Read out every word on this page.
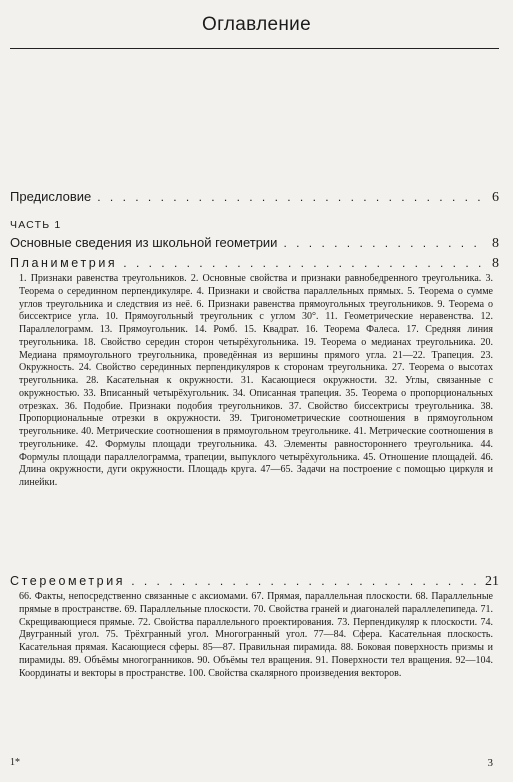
Оглавление
Предисловие . . .	6
ЧАСТЬ 1
Основные сведения из школьной геометрии . . .	8
Планиметрия . . .	8
1. Признаки равенства треугольников. 2. Основные свойства и признаки равнобедренного треугольника. 3. Теорема о серединном перпендикуляре. 4. Признаки и свойства параллельных прямых. 5. Теорема о сумме углов треугольника и следствия из неё. 6. Признаки равенства прямоугольных треугольников. 9. Теорема о биссектрисе угла. 10. Прямоугольный треугольник с углом 30°. 11. Геометрические неравенства. 12. Параллелограмм. 13. Прямоугольник. 14. Ромб. 15. Квадрат. 16. Теорема Фалеса. 17. Средняя линия треугольника. 18. Свойство середин сторон четырёхугольника. 19. Теорема о медианах треугольника. 20. Медиана прямоугольного треугольника, проведённая из вершины прямого угла. 21—22. Трапеция. 23. Окружность. 24. Свойство серединных перпендикуляров к сторонам треугольника. 27. Теорема о высотах треугольника. 28. Касательная к окружности. 31. Касающиеся окружности. 32. Углы, связанные с окружностью. 33. Вписанный четырёхугольник. 34. Описанная трапеция. 35. Теорема о пропорциональных отрезках. 36. Подобие. Признаки подобия треугольников. 37. Свойство биссектрисы треугольника. 38. Пропорциональные отрезки в окружности. 39. Тригонометрические соотношения в прямоугольном треугольнике. 40. Метрические соотношения в прямоугольном треугольнике. 41. Метрические соотношения в треугольнике. 42. Формулы площади треугольника. 43. Элементы равностороннего треугольника. 44. Формулы площади параллелограмма, трапеции, выпуклого четырёхугольника. 45. Отношение площадей. 46. Длина окружности, дуги окружности. Площадь круга. 47—65. Задачи на построение с помощью циркуля и линейки.
Стереометрия . . .	21
66. Факты, непосредственно связанные с аксиомами. 67. Прямая, параллельная плоскости. 68. Параллельные прямые в пространстве. 69. Параллельные плоскости. 70. Свойства граней и диагоналей параллелепипеда. 71. Скрещивающиеся прямые. 72. Свойства параллельного проектирования. 73. Перпендикуляр к плоскости. 74. Двугранный угол. 75. Трёхгранный угол. Многогранный угол. 77—84. Сфера. Касательная плоскость. Касательная прямая. Касающиеся сферы. 85—87. Правильная пирамида. 88. Боковая поверхность призмы и пирамиды. 89. Объёмы многогранников. 90. Объёмы тел вращения. 91. Поверхности тел вращения. 92—104. Координаты и векторы в пространстве. 100. Свойства скалярного произведения векторов.
1*	3
